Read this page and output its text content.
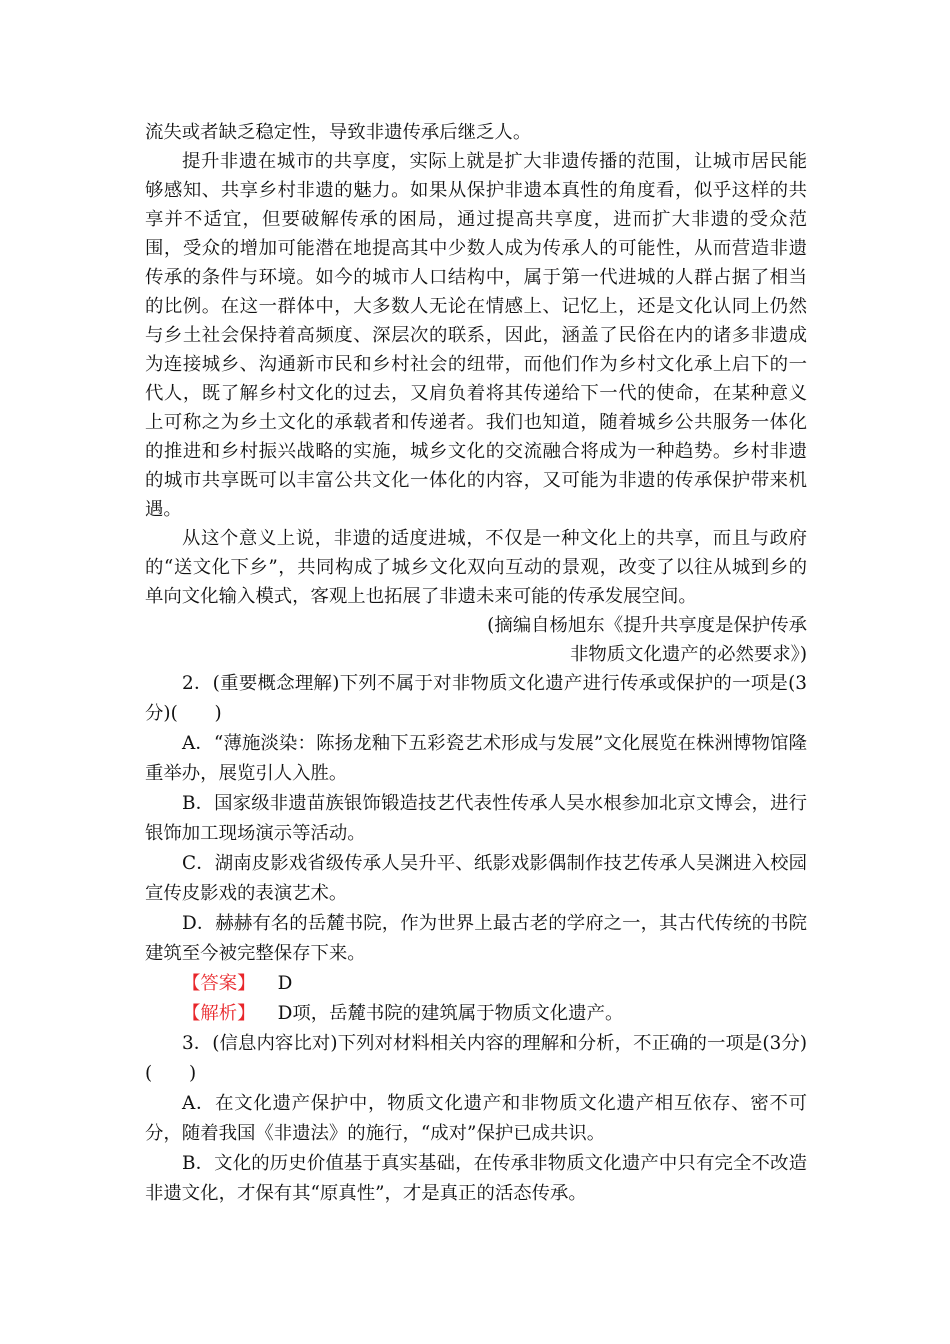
流失或者缺乏稳定性，导致非遗传承后继乏人。

提升非遗在城市的共享度，实际上就是扩大非遗传播的范围，让城市居民能够感知、共享乡村非遗的魅力。如果从保护非遗本真性的角度看，似乎这样的共享并不适宜，但要破解传承的困局，通过提高共享度，进而扩大非遗的受众范围，受众的增加可能潜在地提高其中少数人成为传承人的可能性，从而营造非遗传承的条件与环境。如今的城市人口结构中，属于第一代进城的人群占据了相当的比例。在这一群体中，大多数人无论在情感上、记忆上，还是文化认同上仍然与乡土社会保持着高频度、深层次的联系，因此，涵盖了民俗在内的诸多非遗成为连接城乡、沟通新市民和乡村社会的纽带，而他们作为乡村文化承上启下的一代人，既了解乡村文化的过去，又肩负着将其传递给下一代的使命，在某种意义上可称之为乡土文化的承载者和传递者。我们也知道，随着城乡公共服务一体化的推进和乡村振兴战略的实施，城乡文化的交流融合将成为一种趋势。乡村非遗的城市共享既可以丰富公共文化一体化的内容，又可能为非遗的传承保护带来机遇。

从这个意义上说，非遗的适度进城，不仅是一种文化上的共享，而且与政府的“送文化下乡”，共同构成了城乡文化双向互动的景观，改变了以往从城到乡的单向文化输入模式，客观上也拓展了非遗未来可能的传承发展空间。

(摘编自杨旭东《提升共享度是保护传承

非物质文化遗产的必然要求》)

2．(重要概念理解)下列不属于对非物质文化遗产进行传承或保护的一项是(3分)(　　)

A．“薄施淡染：陈扬龙釉下五彩瓷艺术形成与发展”文化展览在株洲博物馆隆重举办，展览引人入胜。

B．国家级非遗苗族银饰锻造技艺代表性传承人吴水根参加北京文博会，进行银饰加工现场演示等活动。

C．湖南皮影戏省级传承人吴升平、纸影戏影偶制作技艺传承人吴渊进入校园宣传皮影戏的表演艺术。

D．赫赫有名的岳麓书院，作为世界上最古老的学府之一，其古代传统的书院建筑至今被完整保存下来。

【答案】 D

【解析】 D项，岳麓书院的建筑属于物质文化遗产。

3．(信息内容比对)下列对材料相关内容的理解和分析，不正确的一项是(3分)(　　)

A．在文化遗产保护中，物质文化遗产和非物质文化遗产相互依存、密不可分，随着我国《非遗法》的施行，“成对”保护已成共识。

B．文化的历史价值基于真实基础，在传承非物质文化遗产中只有完全不改造非遗文化，才保有其“原真性”，才是真正的活态传承。
